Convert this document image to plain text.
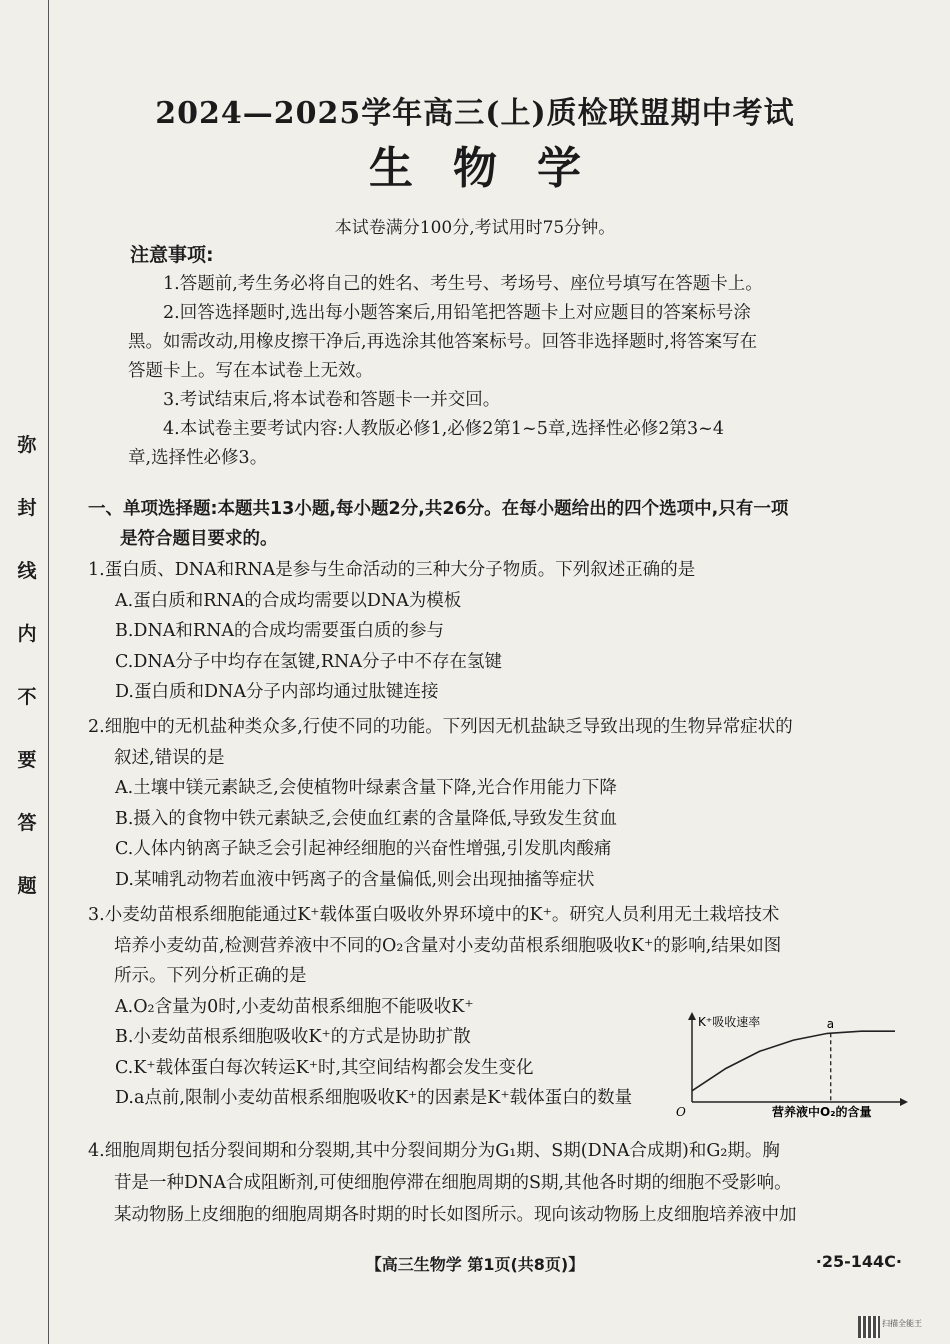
弥
封
线
内
不
要
答
题
2024—2025学年高三(上)质检联盟期中考试
生物学
本试卷满分100分,考试用时75分钟。
注意事项:

1.答题前,考生务必将自己的姓名、考生号、考场号、座位号填写在答题卡上。

2.回答选择题时,选出每小题答案后,用铅笔把答题卡上对应题目的答案标号涂

黑。如需改动,用橡皮擦干净后,再选涂其他答案标号。回答非选择题时,将答案写在

答题卡上。写在本试卷上无效。

3.考试结束后,将本试卷和答题卡一并交回。

4.本试卷主要考试内容:人教版必修1,必修2第1~5章,选择性必修2第3~4

章,选择性必修3。

一、单项选择题:本题共13小题,每小题2分,共26分。在每小题给出的四个选项中,只有一项
是符合题目要求的。

1.蛋白质、DNA和RNA是参与生命活动的三种大分子物质。下列叙述正确的是

A.蛋白质和RNA的合成均需要以DNA为模板

B.DNA和RNA的合成均需要蛋白质的参与

C.DNA分子中均存在氢键,RNA分子中不存在氢键

D.蛋白质和DNA分子内部均通过肽键连接

2.细胞中的无机盐种类众多,行使不同的功能。下列因无机盐缺乏导致出现的生物异常症状的

叙述,错误的是

A.土壤中镁元素缺乏,会使植物叶绿素含量下降,光合作用能力下降

B.摄入的食物中铁元素缺乏,会使血红素的含量降低,导致发生贫血

C.人体内钠离子缺乏会引起神经细胞的兴奋性增强,引发肌肉酸痛

D.某哺乳动物若血液中钙离子的含量偏低,则会出现抽搐等症状

3.小麦幼苗根系细胞能通过K⁺载体蛋白吸收外界环境中的K⁺。研究人员利用无土栽培技术

培养小麦幼苗,检测营养液中不同的O₂含量对小麦幼苗根系细胞吸收K⁺的影响,结果如图

所示。下列分析正确的是

A.O₂含量为0时,小麦幼苗根系细胞不能吸收K⁺

B.小麦幼苗根系细胞吸收K⁺的方式是协助扩散

C.K⁺载体蛋白每次转运K⁺时,其空间结构都会发生变化

D.a点前,限制小麦幼苗根系细胞吸收K⁺的因素是K⁺载体蛋白的数量

K⁺吸收速率	a
O	营养液中O₂的含量

4.细胞周期包括分裂间期和分裂期,其中分裂间期分为G₁期、S期(DNA合成期)和G₂期。胸

苷是一种DNA合成阻断剂,可使细胞停滞在细胞周期的S期,其他各时期的细胞不受影响。

某动物肠上皮细胞的细胞周期各时期的时长如图所示。现向该动物肠上皮细胞培养液中加

【高三生物学 第1页(共8页)】	·25-144C·
扫描全能王
